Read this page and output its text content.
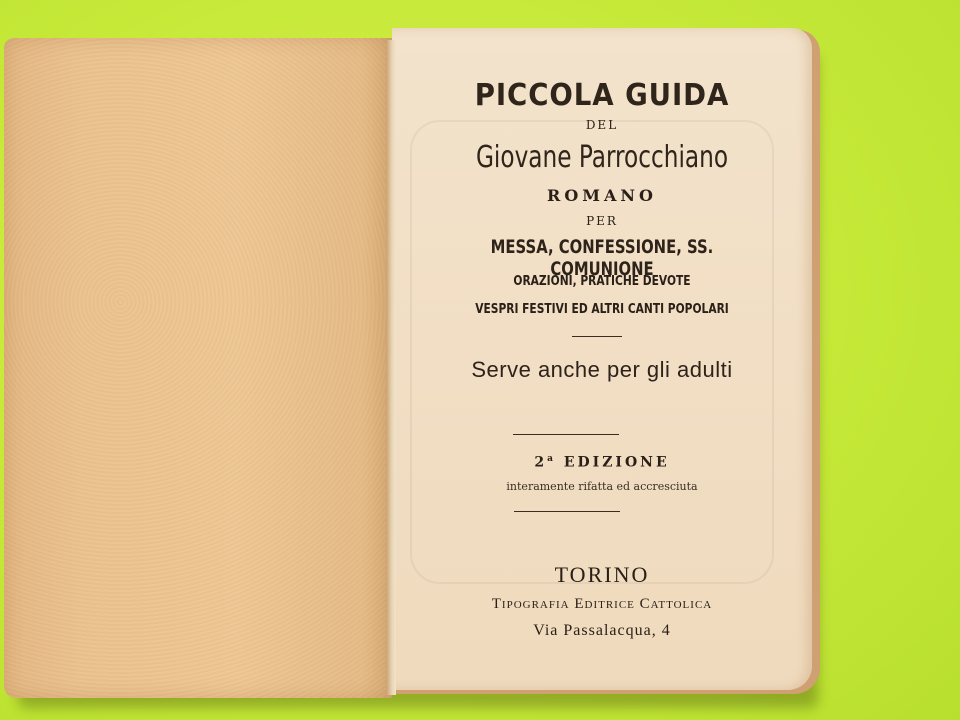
PICCOLA GUIDA
DEL
Giovane Parrocchiano
ROMANO
PER
MESSA, CONFESSIONE, SS. COMUNIONE
ORAZIONI, PRATICHE DEVOTE
VESPRI FESTIVI ED ALTRI CANTI POPOLARI
Serve anche per gli adulti
2$^a$ EDIZIONE
interamente rifatta ed accresciuta
TORINO
Tipografia Editrice Cattolica
Via Passalacqua, 4
